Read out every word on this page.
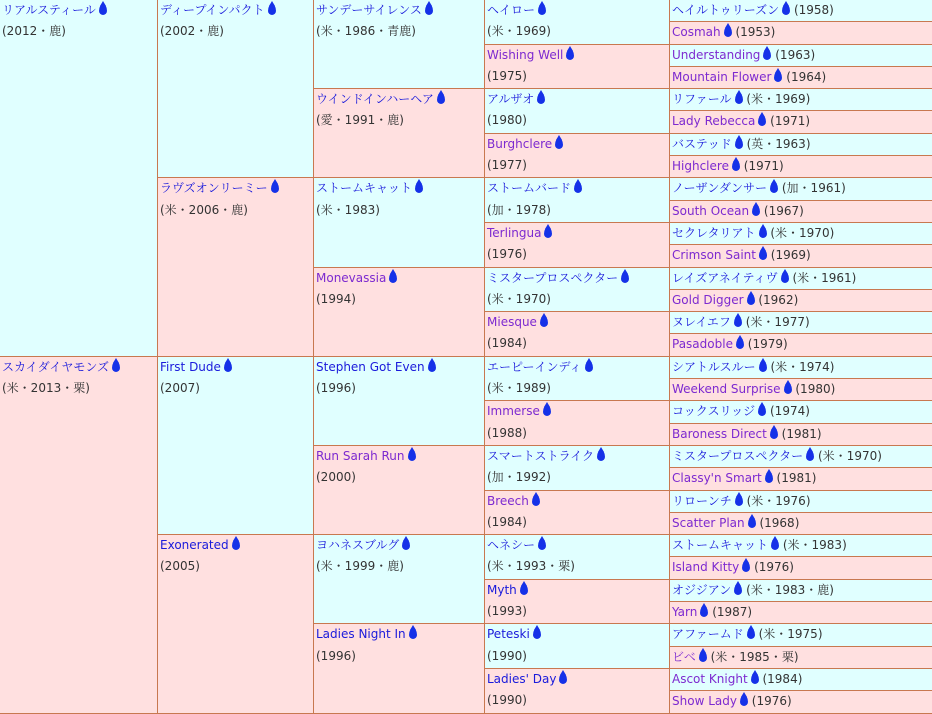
リアルスティール
(2012・鹿)	ディープインパクト
(2002・鹿)	サンデーサイレンス
(米・1986・青鹿)	ヘイロー
(米・1969)	ヘイルトゥリーズン (1958)
				Cosmah (1953)
			Wishing Well
(1975)	Understanding (1963)
				Mountain Flower (1964)
		ウインドインハーヘア
(愛・1991・鹿)	アルザオ
(1980)	リファール (米・1969)
				Lady Rebecca (1971)
			Burghclere
(1977)	バステッド (英・1963)
				Highclere (1971)
	ラヴズオンリーミー
(米・2006・鹿)	ストームキャット
(米・1983)	ストームバード
(加・1978)	ノーザンダンサー (加・1961)
				South Ocean (1967)
			Terlingua
(1976)	セクレタリアト (米・1970)
				Crimson Saint (1969)
		Monevassia
(1994)	ミスタープロスペクター
(米・1970)	レイズアネイティヴ (米・1961)
				Gold Digger (1962)
			Miesque
(1984)	ヌレイエフ (米・1977)
				Pasadoble (1979)
スカイダイヤモンズ
(米・2013・栗)	First Dude
(2007)	Stephen Got Even
(1996)	エーピーインディ
(米・1989)	シアトルスルー (米・1974)
				Weekend Surprise (1980)
			Immerse
(1988)	コックスリッジ (1974)
				Baroness Direct (1981)
		Run Sarah Run
(2000)	スマートストライク
(加・1992)	ミスタープロスペクター (米・1970)
				Classy'n Smart (1981)
			Breech
(1984)	リローンチ (米・1976)
				Scatter Plan (1968)
	Exonerated
(2005)	ヨハネスブルグ
(米・1999・鹿)	ヘネシー
(米・1993・栗)	ストームキャット (米・1983)
				Island Kitty (1976)
			Myth
(1993)	オジジアン (米・1983・鹿)
				Yarn (1987)
		Ladies Night In
(1996)	Peteski
(1990)	アファームド (米・1975)
				ビベ (米・1985・栗)
			Ladies' Day
(1990)	Ascot Knight (1984)
				Show Lady (1976)
